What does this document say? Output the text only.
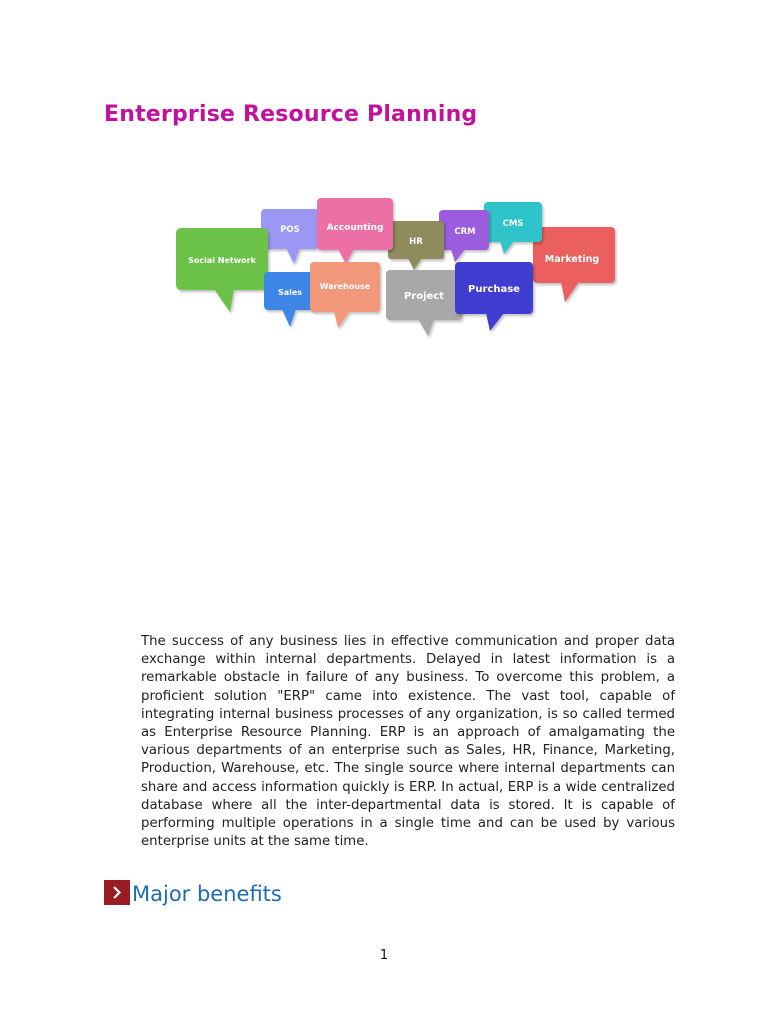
Enterprise Resource Planning
Marketing
CMS
CRM
HR
POS	Accounting
Social Network
Sales
Warehouse
Project
Purchase

The success of any business lies in effective communication and proper data exchange within internal departments. Delayed in latest information is a remarkable obstacle in failure of any business. To overcome this problem, a proficient solution "ERP" came into existence. The vast tool, capable of integrating internal business processes of any organization, is so called termed as Enterprise Resource Planning. ERP is an approach of amalgamating the various departments of an enterprise such as Sales, HR, Finance, Marketing, Production, Warehouse, etc. The single source where internal departments can share and access information quickly is ERP. In actual, ERP is a wide centralized database where all the inter-departmental data is stored. It is capable of performing multiple operations in a single time and can be used by various enterprise units at the same time.

Major benefits
1
